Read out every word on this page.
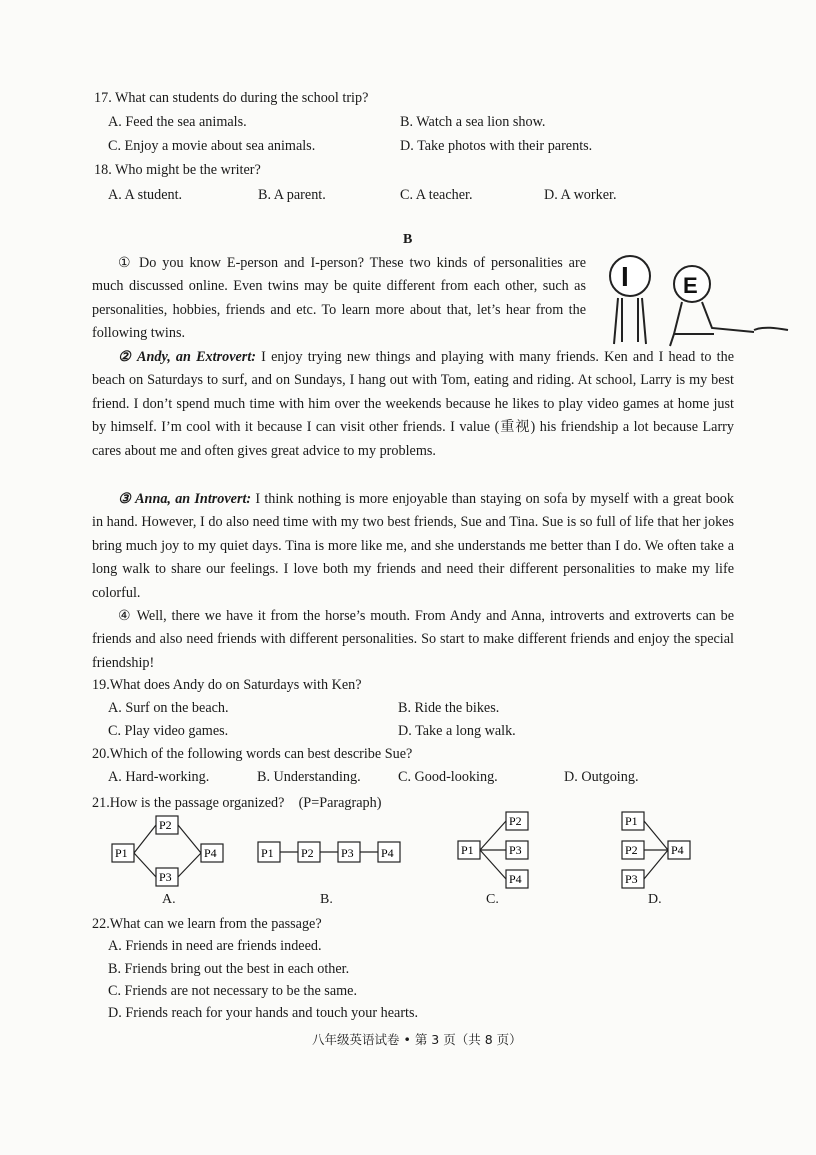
17. What can students do during the school trip?
A. Feed the sea animals.	B. Watch a sea lion show.
C. Enjoy a movie about sea animals.	D. Take photos with their parents.
18. Who might be the writer?
A. A student.	B. A parent.	C. A teacher.	D. A worker.
B
I E
① Do you know E-person and I-person? These two kinds of personalities are much discussed online. Even twins may be quite different from each other, such as personalities, hobbies, friends and etc. To learn more about that, let’s hear from the following twins.
② Andy, an Extrovert: I enjoy trying new things and playing with many friends. Ken and I head to the beach on Saturdays to surf, and on Sundays, I hang out with Tom, eating and riding. At school, Larry is my best friend. I don’t spend much time with him over the weekends because he likes to play video games at home just by himself. I’m cool with it because I can visit other friends. I value (重视) his friendship a lot because Larry cares about me and often gives great advice to my problems.
③ Anna, an Introvert: I think nothing is more enjoyable than staying on sofa by myself with a great book in hand. However, I do also need time with my two best friends, Sue and Tina. Sue is so full of life that her jokes bring much joy to my quiet days. Tina is more like me, and she understands me better than I do. We often take a long walk to share our feelings. I love both my friends and need their different personalities to make my life colorful.
④ Well, there we have it from the horse’s mouth. From Andy and Anna, introverts and extroverts can be friends and also need friends with different personalities. So start to make different friends and enjoy the special friendship!
19.What does Andy do on Saturdays with Ken?
A. Surf on the beach.	B. Ride the bikes.
C. Play video games.	D. Take a long walk.
20.Which of the following words can best describe Sue?
A. Hard-working.	B. Understanding.	C. Good-looking.	D. Outgoing.
21.How is the passage organized?　(P=Paragraph)
P1
P2
P3
P4
A.
P1 P2 P3 P4
B.
P1
P2
P3
P4
C.
P1
P2
P3
P4
D.
22.What can we learn from the passage?
A. Friends in need are friends indeed.
B. Friends bring out the best in each other.
C. Friends are not necessary to be the same.
D. Friends reach for your hands and touch your hearts.
八年级英语试卷 • 第 3 页（共 8 页）
